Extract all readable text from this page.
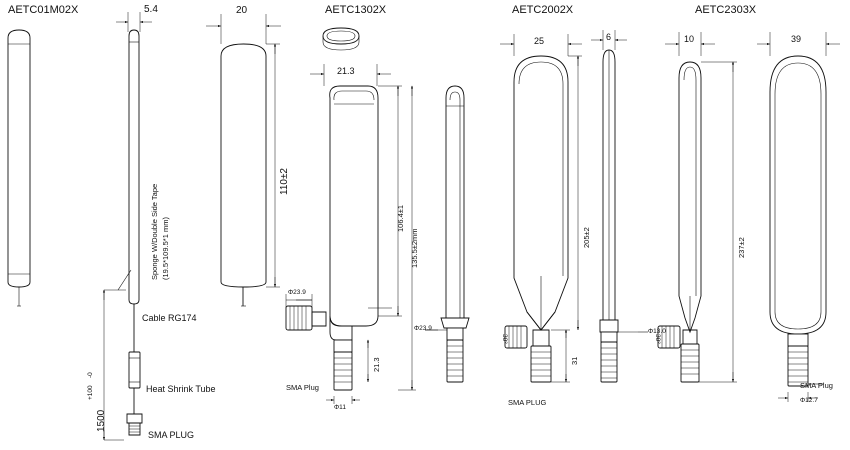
AETC01M02X	AETC1302X	AETC2002X	AETC2303X
5.4
Sponge W/Double Side Tape (19.5*109.5*1 mm)
Cable RG174
Heat Shrink Tube
SMA PLUG
1500
+100
-0
20
110±2
21.3
106.4±1
135.5±2mm
Φ23.9
Φ23.9
21.3
Φ11
SMA Plug
25
205±2
6
31
Φ13.0
30°
SMA PLUG
10
237±2
30°
39
SMA Plug
Φ12.7
